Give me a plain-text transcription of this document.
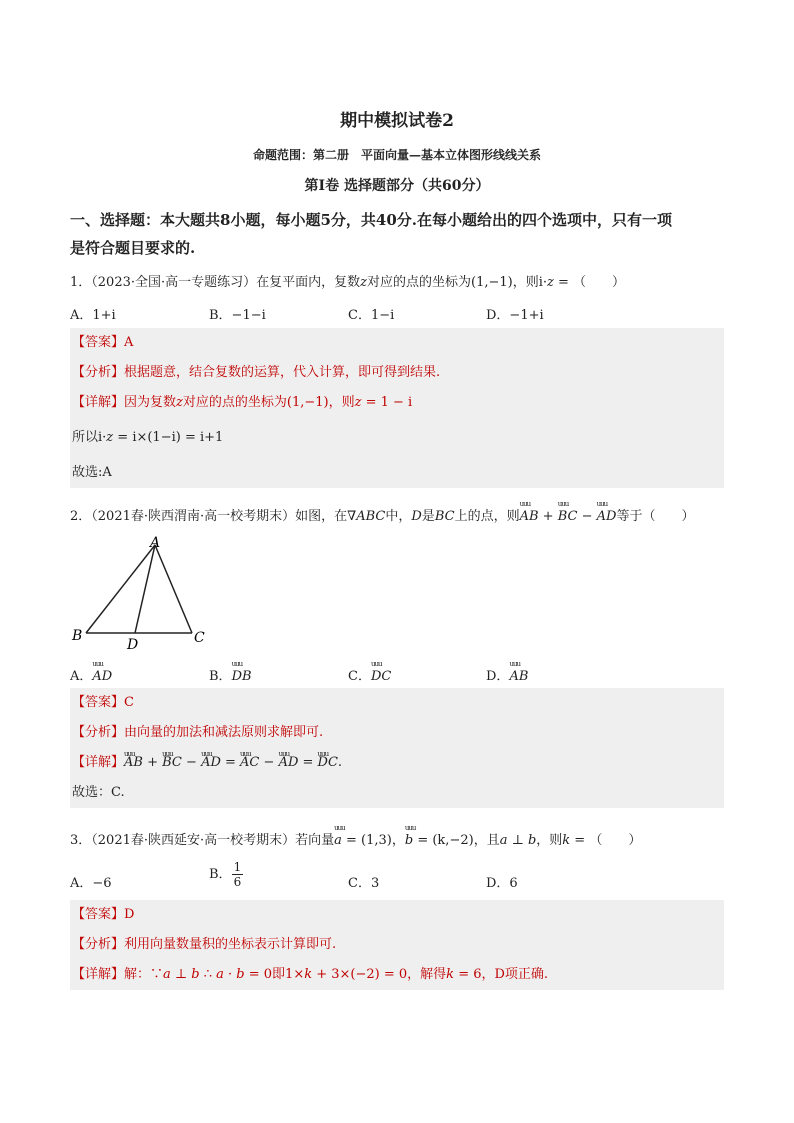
期中模拟试卷2
命题范围：第二册　平面向量—基本立体图形线线关系
第Ⅰ卷 选择题部分（共60分）
一、选择题：本大题共8小题，每小题5分，共40分.在每小题给出的四个选项中，只有一项
是符合题目要求的.
1．（2023·全国·高一专题练习）在复平面内，复数z对应的点的坐标为(1,−1)，则i·z = （　　）
A．1+i	B．−1−i	C．1−i	D．−1+i
【答案】A
【分析】根据题意，结合复数的运算，代入计算，即可得到结果.
【详解】因为复数z对应的点的坐标为(1,−1)，则z = 1 − i
所以i·z = i×(1−i) = i+1
故选:A
2．（2021春·陕西渭南·高一校考期末）如图，在∇ABC中，D是BC上的点，则uuu AB + uuu BC − uuu AD等于（　　）
A
B	C
D
A．uuu AD	B．uuu DB	C．uuu DC	D．uuu AB
【答案】C
【分析】由向量的加法和减法原则求解即可.
【详解】uuu AB + uuu BC − uuu AD = uuu AC − uuu AD = uuu DC.
故选：C.
3．（2021春·陕西延安·高一校考期末）若向量uuu a = (1,3)，uuu b = (k,−2)，且a ⊥ b，则k = （　　）
A．−6
B． $\frac{1}{6}$	C．3	D．6
【答案】D
【分析】利用向量数量积的坐标表示计算即可.
【详解】解：∵a ⊥ b ∴ a · b = 0即1×k + 3×(−2) = 0，解得k = 6，D项正确.
